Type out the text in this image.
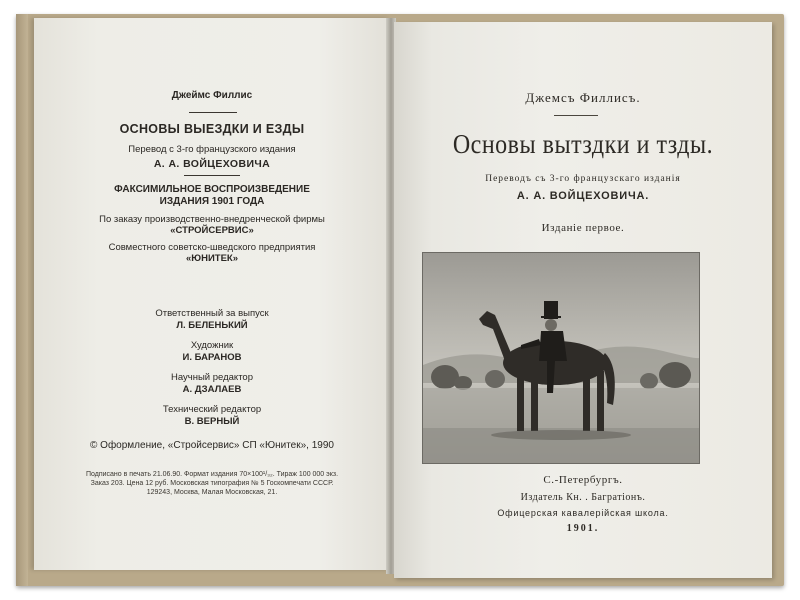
Джеймс Филлис
ОСНОВЫ ВЫЕЗДКИ И ЕЗДЫ
Перевод с 3-го французского издания
А. А. ВОЙЦЕХОВИЧА
ФАКСИМИЛЬНОЕ ВОСПРОИЗВЕДЕНИЕ
ИЗДАНИЯ 1901 ГОДА
По заказу производственно-внедренческой фирмы
«СТРОЙСЕРВИС»
Совместного советско-шведского предприятия
«ЮНИТЕК»
Ответственный за выпуск
Л. БЕЛЕНЬКИЙ
Художник
И. БАРАНОВ
Научный редактор
А. ДЗАЛАЕВ
Технический редактор
В. ВЕРНЫЙ
© Оформление, «Стройсервис» СП «Юнитек», 1990
Подписано в печать 21.06.90. Формат издания 70×100¹/₃₂. Тираж 100 000 экз.
Заказ 203. Цена 12 руб. Московская типография № 5 Госкомпечати СССР.
129243, Москва, Малая Московская, 21.
Джемсъ Филлисъ.
Основы вытздки и тзды.
Переводъ съ 3-го французскаго изданія
А. А. ВОЙЦЕХОВИЧА.
Изданіе первое.
С.-Петербургъ.
Издатель Кн. . Багратіонъ.
Офицерская кавалерійская школа.
1901.
